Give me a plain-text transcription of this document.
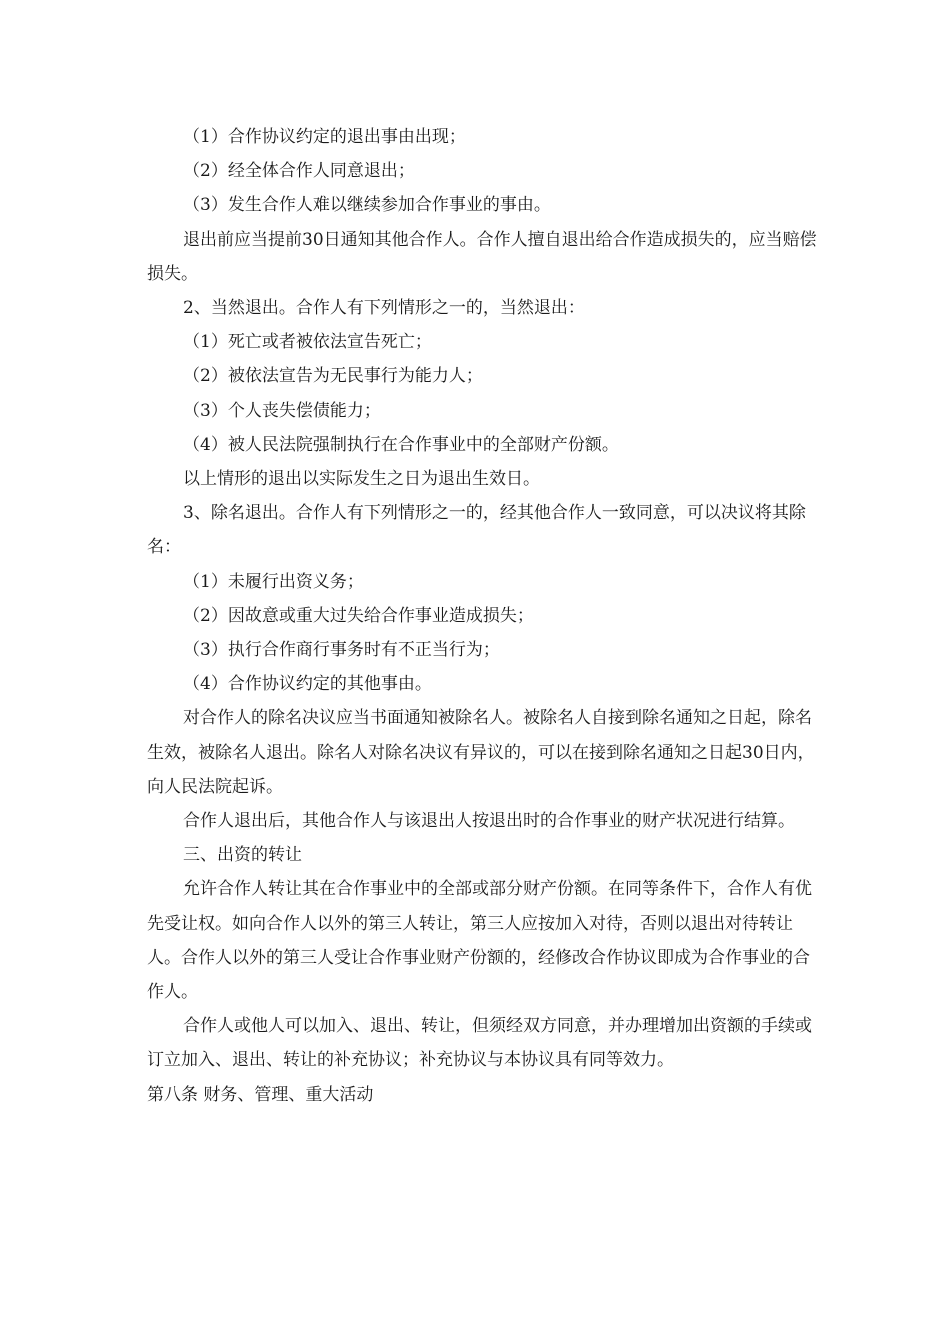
（1）合作协议约定的退出事由出现；

（2）经全体合作人同意退出；

（3）发生合作人难以继续参加合作事业的事由。

退出前应当提前30日通知其他合作人。合作人擅自退出给合作造成损失的，应当赔偿损失。

2、当然退出。合作人有下列情形之一的，当然退出：

（1）死亡或者被依法宣告死亡；

（2）被依法宣告为无民事行为能力人；

（3）个人丧失偿债能力；

（4）被人民法院强制执行在合作事业中的全部财产份额。

以上情形的退出以实际发生之日为退出生效日。

3、除名退出。合作人有下列情形之一的，经其他合作人一致同意，可以决议将其除名：

（1）未履行出资义务；

（2）因故意或重大过失给合作事业造成损失；

（3）执行合作商行事务时有不正当行为；

（4）合作协议约定的其他事由。

对合作人的除名决议应当书面通知被除名人。被除名人自接到除名通知之日起，除名生效，被除名人退出。除名人对除名决议有异议的，可以在接到除名通知之日起30日内，向人民法院起诉。

合作人退出后，其他合作人与该退出人按退出时的合作事业的财产状况进行结算。

三、出资的转让

允许合作人转让其在合作事业中的全部或部分财产份额。在同等条件下，合作人有优先受让权。如向合作人以外的第三人转让，第三人应按加入对待，否则以退出对待转让人。合作人以外的第三人受让合作事业财产份额的，经修改合作协议即成为合作事业的合作人。

合作人或他人可以加入、退出、转让，但须经双方同意，并办理增加出资额的手续或订立加入、退出、转让的补充协议；补充协议与本协议具有同等效力。

第八条 财务、管理、重大活动
